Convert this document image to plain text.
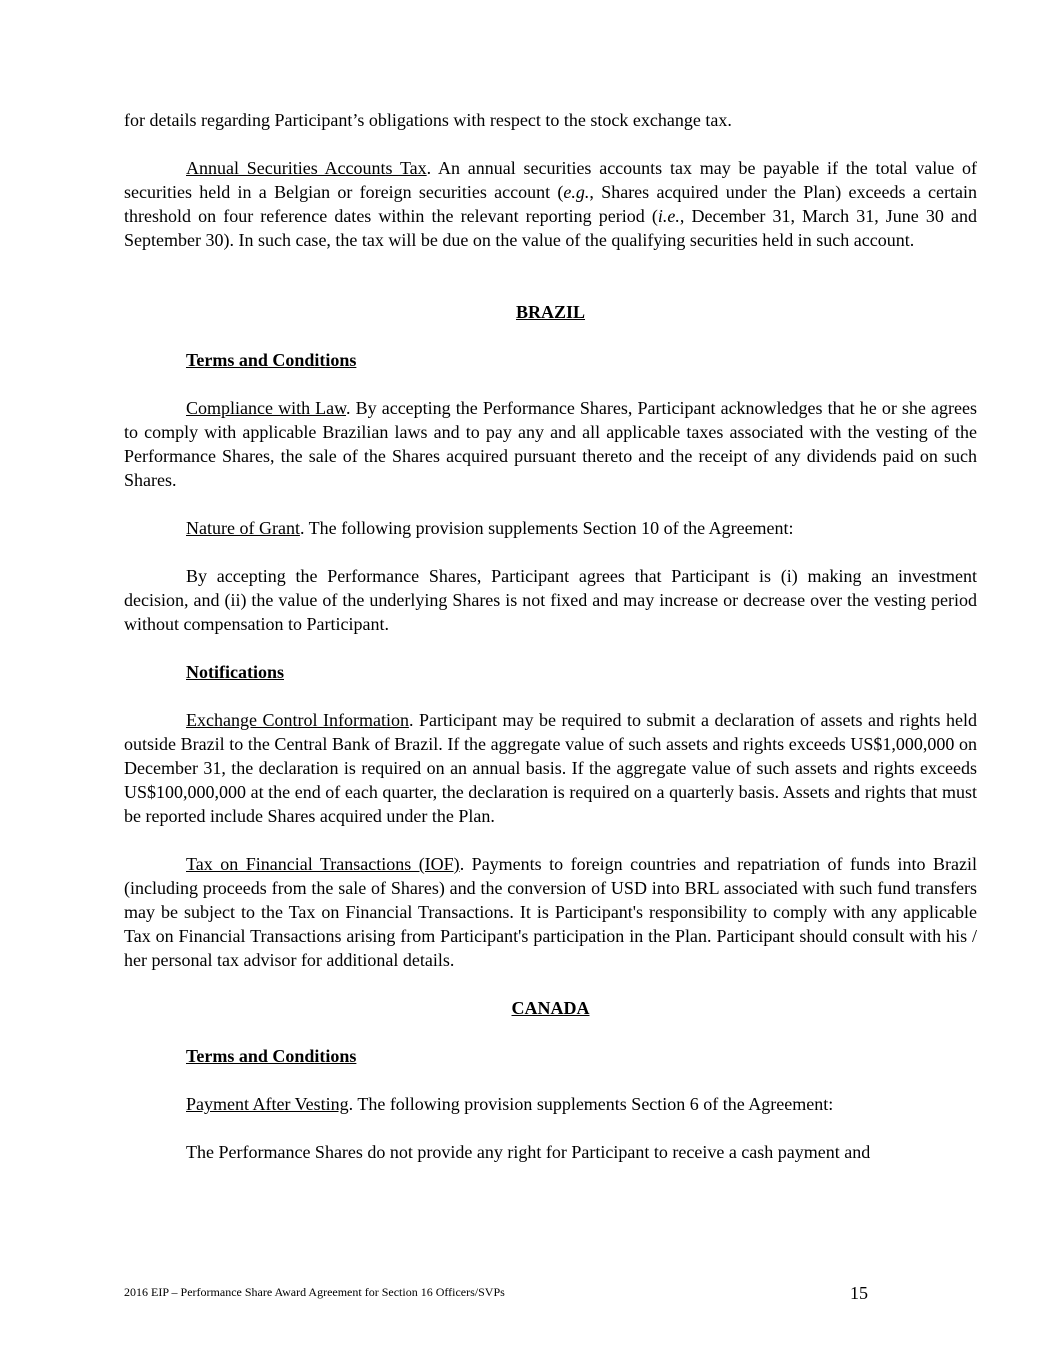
for details regarding Participant’s obligations with respect to the stock exchange tax.

Annual Securities Accounts Tax. An annual securities accounts tax may be payable if the total value of securities held in a Belgian or foreign securities account (e.g., Shares acquired under the Plan) exceeds a certain threshold on four reference dates within the relevant reporting period (i.e., December 31, March 31, June 30 and September 30). In such case, the tax will be due on the value of the qualifying securities held in such account.

BRAZIL

Terms and Conditions

Compliance with Law. By accepting the Performance Shares, Participant acknowledges that he or she agrees to comply with applicable Brazilian laws and to pay any and all applicable taxes associated with the vesting of the Performance Shares, the sale of the Shares acquired pursuant thereto and the receipt of any dividends paid on such Shares.

Nature of Grant. The following provision supplements Section 10 of the Agreement:

By accepting the Performance Shares, Participant agrees that Participant is (i) making an investment decision, and (ii) the value of the underlying Shares is not fixed and may increase or decrease over the vesting period without compensation to Participant.

Notifications

Exchange Control Information. Participant may be required to submit a declaration of assets and rights held outside Brazil to the Central Bank of Brazil. If the aggregate value of such assets and rights exceeds US$1,000,000 on December 31, the declaration is required on an annual basis. If the aggregate value of such assets and rights exceeds US$100,000,000 at the end of each quarter, the declaration is required on a quarterly basis. Assets and rights that must be reported include Shares acquired under the Plan.

Tax on Financial Transactions (IOF). Payments to foreign countries and repatriation of funds into Brazil (including proceeds from the sale of Shares) and the conversion of USD into BRL associated with such fund transfers may be subject to the Tax on Financial Transactions. It is Participant's responsibility to comply with any applicable Tax on Financial Transactions arising from Participant's participation in the Plan. Participant should consult with his / her personal tax advisor for additional details.

CANADA

Terms and Conditions

Payment After Vesting. The following provision supplements Section 6 of the Agreement:

The Performance Shares do not provide any right for Participant to receive a cash payment and

2016 EIP – Performance Share Award Agreement for Section 16 Officers/SVPs	15
